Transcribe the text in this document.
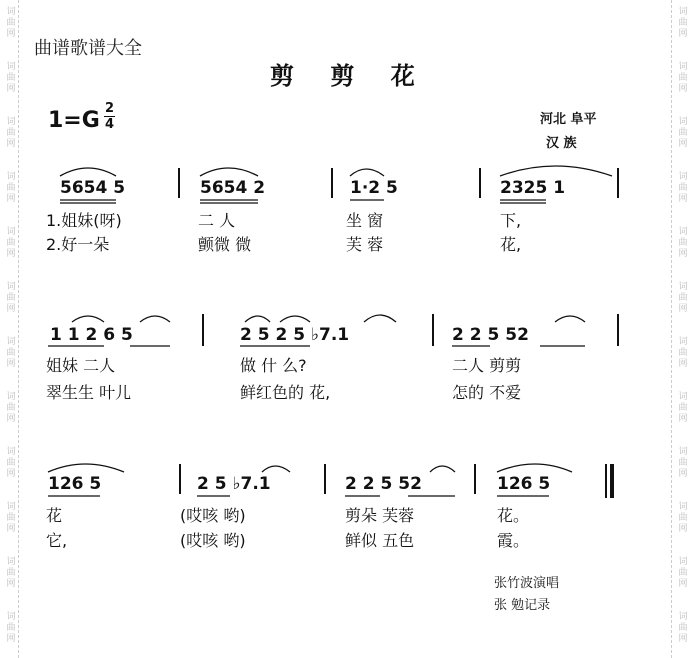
词曲网
词曲网
词曲网
词曲网
词曲网
词曲网
词曲网
词曲网
词曲网
词曲网
词曲网
词曲网
词曲网
词曲网
词曲网
词曲网
词曲网
词曲网
词曲网
词曲网
词曲网
词曲网
词曲网
词曲网
曲谱歌谱大全
剪 剪 花
1=G 2
4	河北 阜平
汉 族
5654 5	5654 2	1·2 5	2325 1
1.姐妹(呀)	二 人	坐 窗	下,
2.好一朵	颤微 微	芙 蓉	花,
1 1 2 6 5	2 5 2 5 ♭7.1	2 2 5 52
姐妹 二人	做 什 么?	二人 剪剪
翠生生 叶儿	鲜红色的 花,	怎的 不爱
126 5	2 5 ♭7.1	2 2 5 52	126 5
花	(哎咳 哟)	剪朵 芙蓉	花。
它,	(哎咳 哟)	鲜似 五色	霞。
张竹波演唱
张 勉记录
